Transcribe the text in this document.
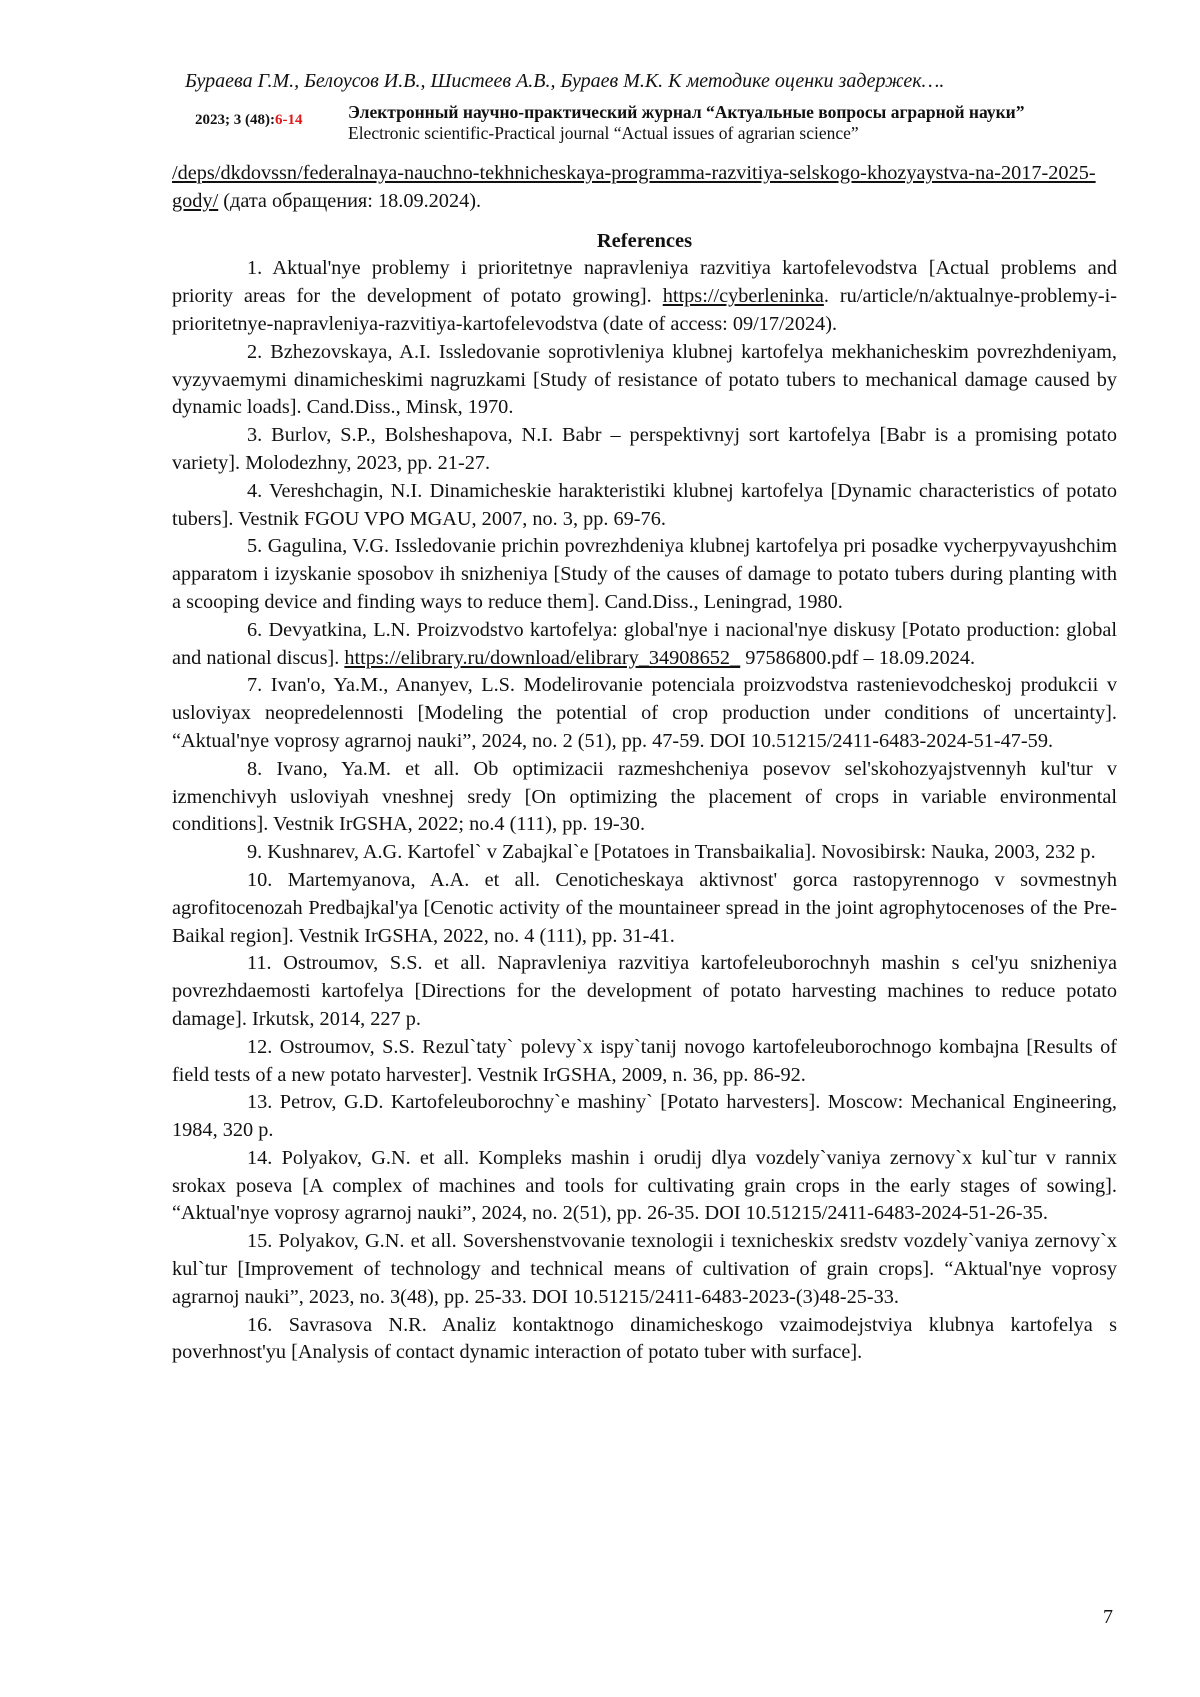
Бураева Г.М., Белоусов И.В., Шистеев А.В., Бураев М.К. К методике оценки задержек….
2023; 3 (48):6-14	Электронный научно-практический журнал “Актуальные вопросы аграрной науки”
Electronic scientific-Practical journal “Actual issues of agrarian science”

/deps/dkdovssn/federalnaya-nauchno-tekhnicheskaya-programma-razvitiya-selskogo-khozyaystva-na-2017-2025-gody/ (дата обращения: 18.09.2024).

References

1. Aktual'nye problemy i prioritetnye napravleniya razvitiya kartofelevodstva [Actual problems and priority areas for the development of potato growing]. https://cyberleninka. ru/article/n/aktualnye-problemy-i-prioritetnye-napravleniya-razvitiya-kartofelevodstva (date of access: 09/17/2024).

2. Bzhezovskaya, A.I. Issledovanie soprotivleniya klubnej kartofelya mekhanicheskim povrezhdeniyam, vyzyvaemymi dinamicheskimi nagruzkami [Study of resistance of potato tubers to mechanical damage caused by dynamic loads]. Cand.Diss., Minsk, 1970.

3. Burlov, S.P., Bolsheshapova, N.I. Babr – perspektivnyj sort kartofelya [Babr is a promising potato variety]. Molodezhny, 2023, pp. 21-27.

4. Vereshchagin, N.I. Dinamicheskie harakteristiki klubnej kartofelya [Dynamic characteristics of potato tubers]. Vestnik FGOU VPO MGAU, 2007, no. 3, pp. 69-76.

5. Gagulina, V.G. Issledovanie prichin povrezhdeniya klubnej kartofelya pri posadke vycherpyvayushchim apparatom i izyskanie sposobov ih snizheniya [Study of the causes of damage to potato tubers during planting with a scooping device and finding ways to reduce them]. Cand.Diss., Leningrad, 1980.

6. Devyatkina, L.N. Proizvodstvo kartofelya: global'nye i nacional'nye diskusy [Potato production: global and national discus]. https://elibrary.ru/download/elibrary_34908652_ 97586800.pdf – 18.09.2024.

7. Ivan'o, Ya.M., Ananyev, L.S. Modelirovanie potenciala proizvodstva rastenievodcheskoj produkcii v usloviyax neopredelennosti [Modeling the potential of crop production under conditions of uncertainty]. “Aktual'nye voprosy agrarnoj nauki”, 2024, no. 2 (51), pp. 47-59. DOI 10.51215/2411-6483-2024-51-47-59.

8. Ivano, Ya.M. et all. Ob optimizacii razmeshcheniya posevov sel'skohozyajstvennyh kul'tur v izmenchivyh usloviyah vneshnej sredy [On optimizing the placement of crops in variable environmental conditions]. Vestnik IrGSHA, 2022; no.4 (111), pp. 19-30.

9. Kushnarev, A.G. Kartofel` v Zabajkal`e [Potatoes in Transbaikalia]. Novosibirsk: Nauka, 2003, 232 p.

10. Martemyanova, A.A. et all. Cenoticheskaya aktivnost' gorca rastopyrennogo v sovmestnyh agrofitocenozah Predbajkal'ya [Cenotic activity of the mountaineer spread in the joint agrophytocenoses of the Pre-Baikal region]. Vestnik IrGSHA, 2022, no. 4 (111), pp. 31-41.

11. Ostroumov, S.S. et all. Napravleniya razvitiya kartofeleuborochnyh mashin s cel'yu snizheniya povrezhdaemosti kartofelya [Directions for the development of potato harvesting machines to reduce potato damage]. Irkutsk, 2014, 227 p.

12. Ostroumov, S.S. Rezul`taty` polevy`x ispy`tanij novogo kartofeleuborochnogo kombajna [Results of field tests of a new potato harvester]. Vestnik IrGSHA, 2009, n. 36, pp. 86-92.

13. Petrov, G.D. Kartofeleuborochny`e mashiny` [Potato harvesters]. Moscow: Mechanical Engineering, 1984, 320 p.

14. Polyakov, G.N. et all. Kompleks mashin i orudij dlya vozdely`vaniya zernovy`x kul`tur v rannix srokax poseva [A complex of machines and tools for cultivating grain crops in the early stages of sowing]. “Aktual'nye voprosy agrarnoj nauki”, 2024, no. 2(51), pp. 26-35. DOI 10.51215/2411-6483-2024-51-26-35.

15. Polyakov, G.N. et all. Sovershenstvovanie texnologii i texnicheskix sredstv vozdely`vaniya zernovy`x kul`tur [Improvement of technology and technical means of cultivation of grain crops]. “Aktual'nye voprosy agrarnoj nauki”, 2023, no. 3(48), pp. 25-33. DOI 10.51215/2411-6483-2023-(3)48-25-33.

16. Savrasova N.R. Analiz kontaktnogo dinamicheskogo vzaimodejstviya klubnya kartofelya s poverhnost'yu [Analysis of contact dynamic interaction of potato tuber with surface].

7
